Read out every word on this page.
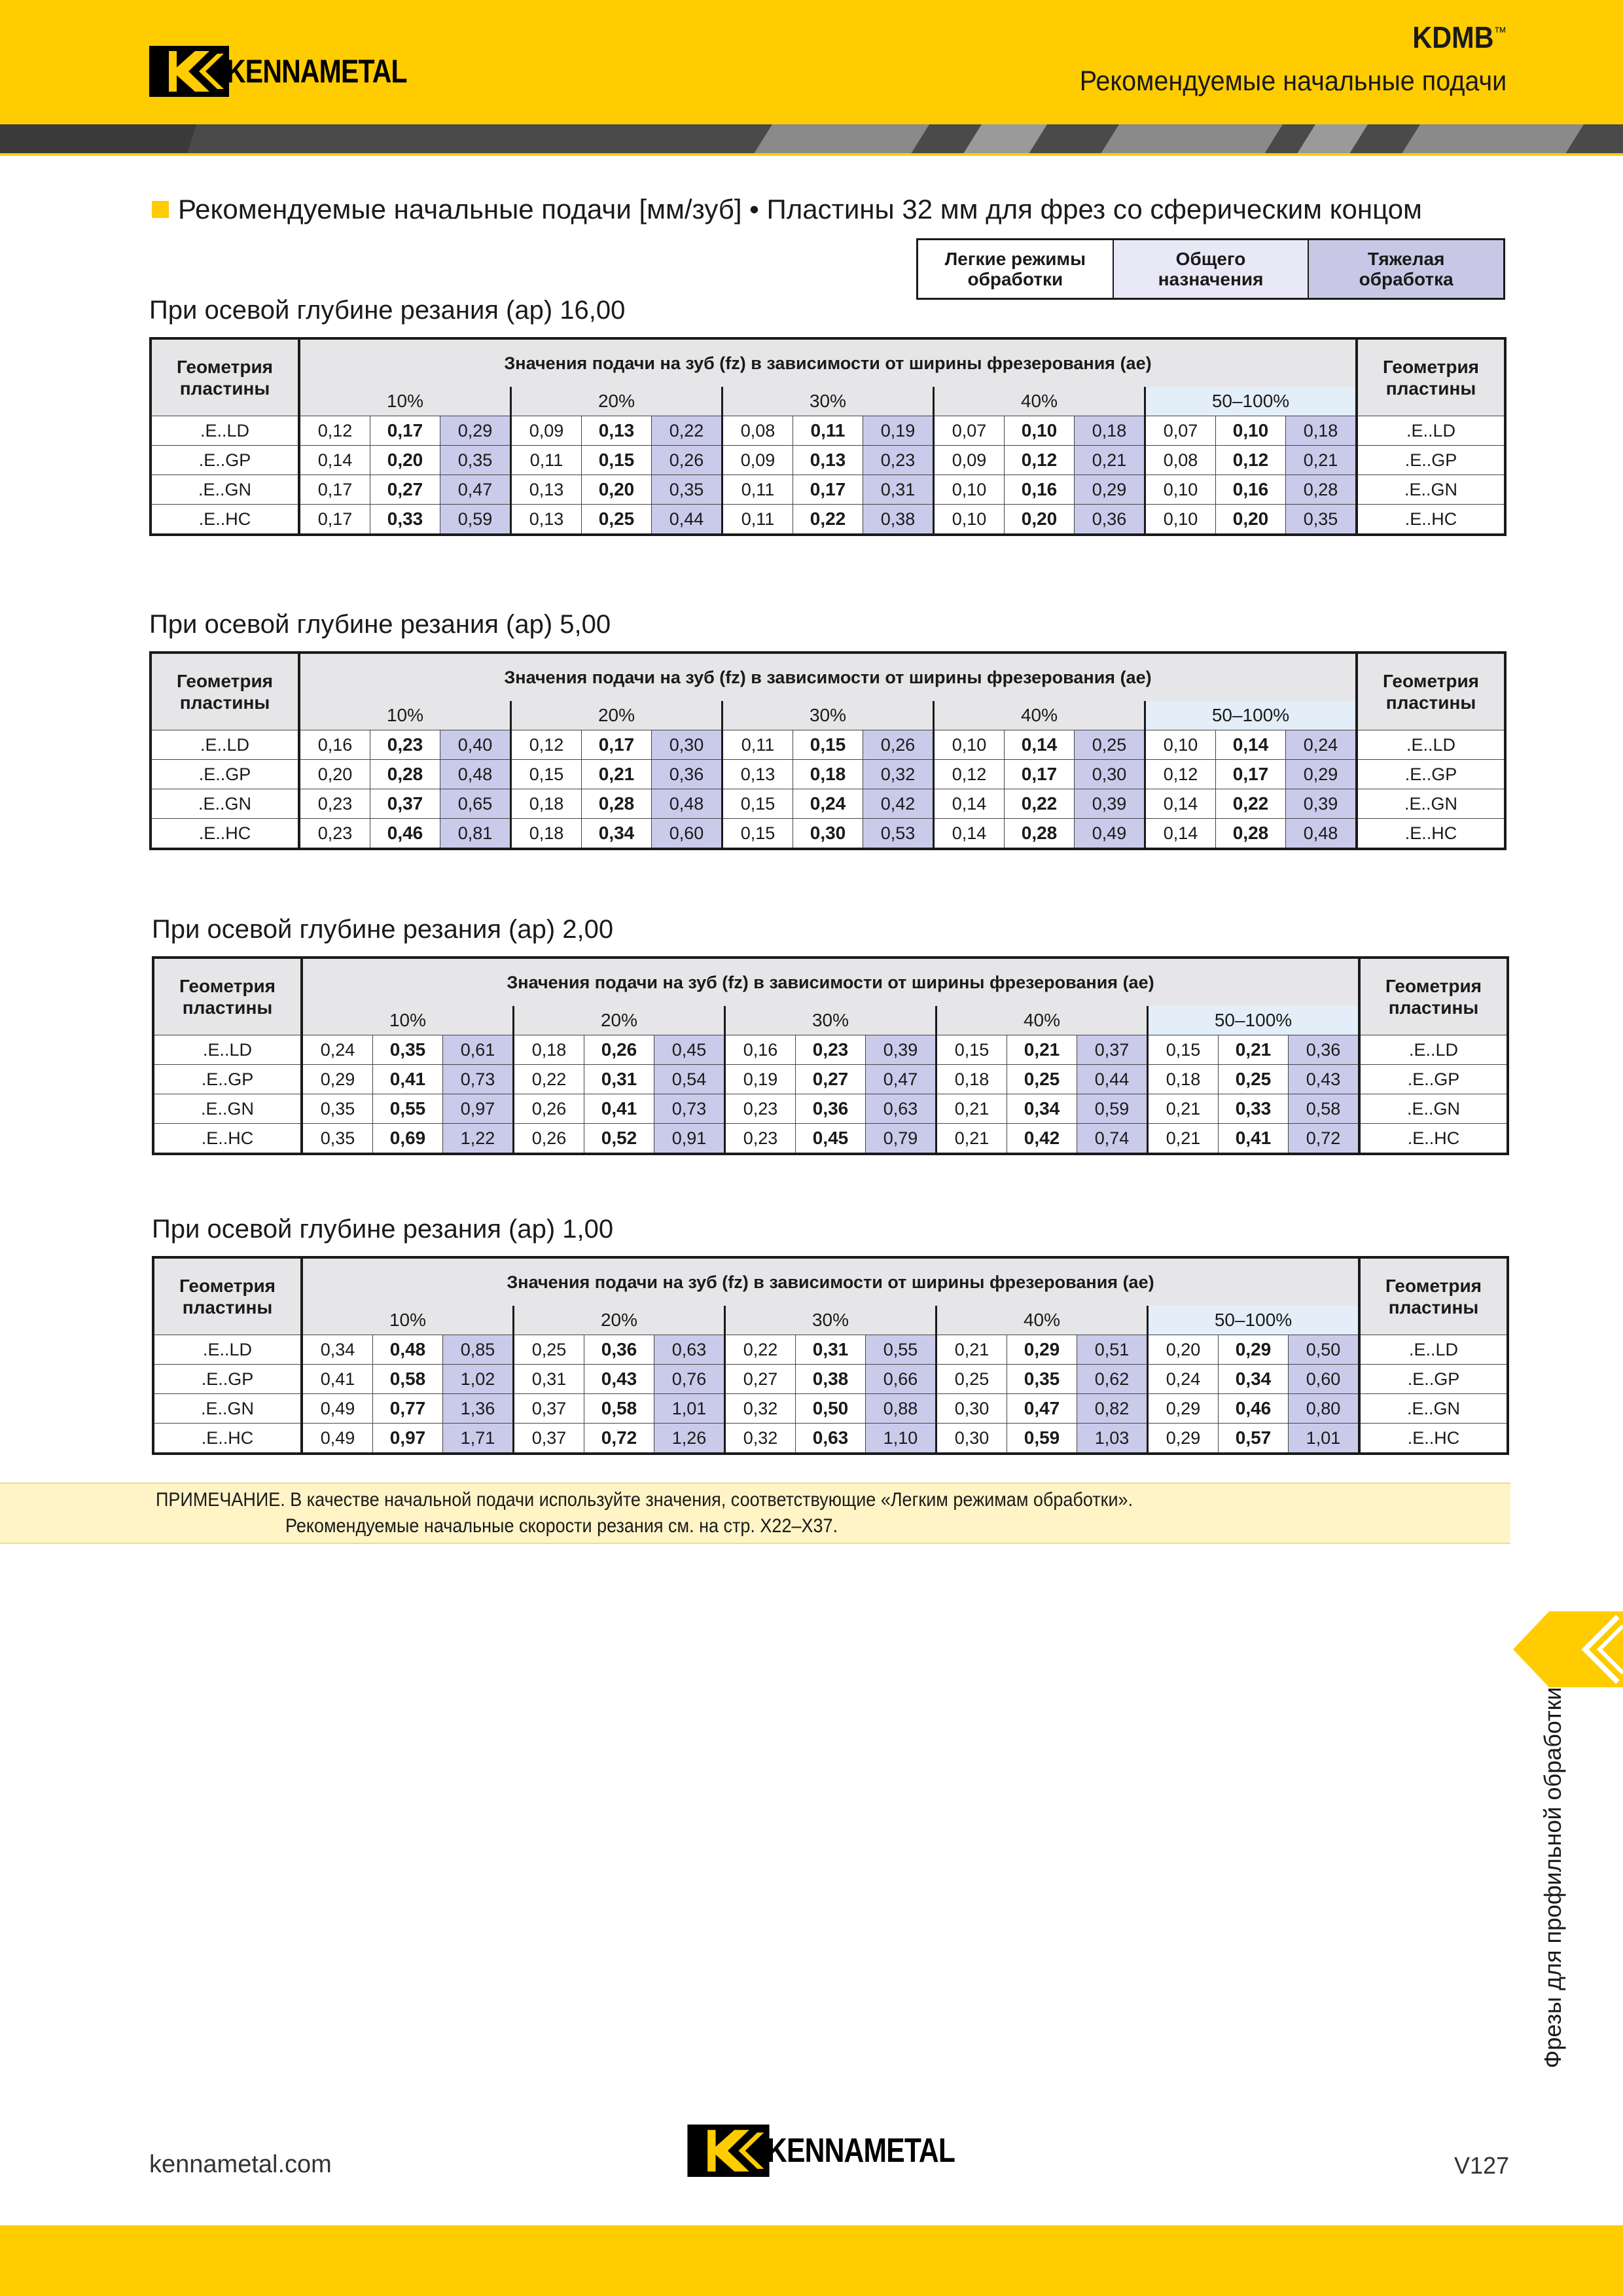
KENNAMETAL
KDMB™
Рекомендуемые начальные подачи
Рекомендуемые начальные подачи [мм/зуб] • Пластины 32 мм для фрез со сферическим концом
Легкие режимы
обработки
Общего
назначения
Тяжелая
обработка
При осевой глубине резания (ap) 16,00
Геометрия
пластины	Значения подачи на зуб (fz) в зависимости от ширины фрезерования (ae)															Геометрия
пластины
	10%			20%			30%			40%			50–100%			
.E..LD	0,12	0,17	0,29	0,09	0,13	0,22	0,08	0,11	0,19	0,07	0,10	0,18	0,07	0,10	0,18	.E..LD
.E..GP	0,14	0,20	0,35	0,11	0,15	0,26	0,09	0,13	0,23	0,09	0,12	0,21	0,08	0,12	0,21	.E..GP
.E..GN	0,17	0,27	0,47	0,13	0,20	0,35	0,11	0,17	0,31	0,10	0,16	0,29	0,10	0,16	0,28	.E..GN
.E..HC	0,17	0,33	0,59	0,13	0,25	0,44	0,11	0,22	0,38	0,10	0,20	0,36	0,10	0,20	0,35	.E..HC
При осевой глубине резания (ap) 5,00
Геометрия
пластины	Значения подачи на зуб (fz) в зависимости от ширины фрезерования (ae)															Геометрия
пластины
	10%			20%			30%			40%			50–100%			
.E..LD	0,16	0,23	0,40	0,12	0,17	0,30	0,11	0,15	0,26	0,10	0,14	0,25	0,10	0,14	0,24	.E..LD
.E..GP	0,20	0,28	0,48	0,15	0,21	0,36	0,13	0,18	0,32	0,12	0,17	0,30	0,12	0,17	0,29	.E..GP
.E..GN	0,23	0,37	0,65	0,18	0,28	0,48	0,15	0,24	0,42	0,14	0,22	0,39	0,14	0,22	0,39	.E..GN
.E..HC	0,23	0,46	0,81	0,18	0,34	0,60	0,15	0,30	0,53	0,14	0,28	0,49	0,14	0,28	0,48	.E..HC
При осевой глубине резания (ap) 2,00
Геометрия
пластины	Значения подачи на зуб (fz) в зависимости от ширины фрезерования (ae)															Геометрия
пластины
	10%			20%			30%			40%			50–100%			
.E..LD	0,24	0,35	0,61	0,18	0,26	0,45	0,16	0,23	0,39	0,15	0,21	0,37	0,15	0,21	0,36	.E..LD
.E..GP	0,29	0,41	0,73	0,22	0,31	0,54	0,19	0,27	0,47	0,18	0,25	0,44	0,18	0,25	0,43	.E..GP
.E..GN	0,35	0,55	0,97	0,26	0,41	0,73	0,23	0,36	0,63	0,21	0,34	0,59	0,21	0,33	0,58	.E..GN
.E..HC	0,35	0,69	1,22	0,26	0,52	0,91	0,23	0,45	0,79	0,21	0,42	0,74	0,21	0,41	0,72	.E..HC
При осевой глубине резания (ap) 1,00
Геометрия
пластины	Значения подачи на зуб (fz) в зависимости от ширины фрезерования (ae)															Геометрия
пластины
	10%			20%			30%			40%			50–100%			
.E..LD	0,34	0,48	0,85	0,25	0,36	0,63	0,22	0,31	0,55	0,21	0,29	0,51	0,20	0,29	0,50	.E..LD
.E..GP	0,41	0,58	1,02	0,31	0,43	0,76	0,27	0,38	0,66	0,25	0,35	0,62	0,24	0,34	0,60	.E..GP
.E..GN	0,49	0,77	1,36	0,37	0,58	1,01	0,32	0,50	0,88	0,30	0,47	0,82	0,29	0,46	0,80	.E..GN
.E..HC	0,49	0,97	1,71	0,37	0,72	1,26	0,32	0,63	1,10	0,30	0,59	1,03	0,29	0,57	1,01	.E..HC
ПРИМЕЧАНИЕ. В качестве начальной подачи используйте значения, соответствующие «Легким режимам обработки».
Рекомендуемые начальные скорости резания см. на стр. X22–X37.
Фрезы для профильной обработки
kennametal.com	KENNAMETAL	V127
